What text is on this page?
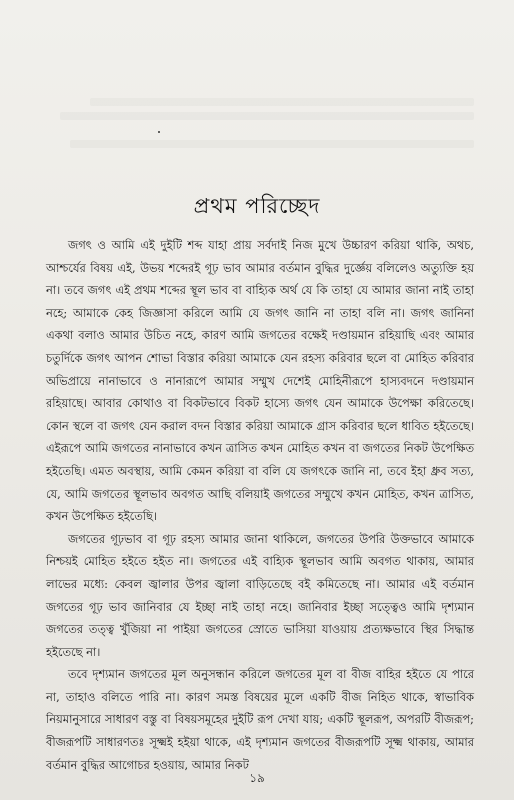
প্রথম পরিচ্ছেদ

জগৎ ও আমি এই দুইটি শব্দ যাহা প্রায় সর্বদাই নিজ মুখে উচ্চারণ করিয়া থাকি, অথচ, আশ্চর্যের বিষয় এই, উভয় শব্দেরই গূঢ় ভাব আমার বর্তমান বুদ্ধির দুর্জ্ঞেয় বলিলেও অত্যুক্তি হয় না। তবে জগৎ এই প্রথম শব্দের স্থূল ভাব বা বাহ্যিক অর্থ যে কি তাহা যে আমার জানা নাই তাহা নহে; আমাকে কেহ জিজ্ঞাসা করিলে আমি যে জগৎ জানি না তাহা বলি না। জগৎ জানিনা একথা বলাও আমার উচিত নহে, কারণ আমি জগতের বক্ষেই দণ্ডায়মান রহিয়াছি এবং আমার চতুর্দিকে জগৎ আপন শোভা বিস্তার করিয়া আমাকে যেন রহস্য করিবার ছলে বা মোহিত করিবার অভিপ্রায়ে নানাভাবে ও নানারূপে আমার সম্মুখ দেশেই মোহিনীরূপে হাস্যবদনে দণ্ডায়মান রহিয়াছে। আবার কোথাও বা বিকটভাবে বিকট হাস্যে জগৎ যেন আমাকে উপেক্ষা করিতেছে। কোন স্থলে বা জগৎ যেন করাল বদন বিস্তার করিয়া আমাকে গ্রাস করিবার ছলে ধাবিত হইতেছে। এইরূপে আমি জগতের নানাভাবে কখন ত্রাসিত কখন মোহিত কখন বা জগতের নিকট উপেক্ষিত হইতেছি। এমত অবস্থায়, আমি কেমন করিয়া বা বলি যে জগৎকে জানি না, তবে ইহা ধ্রুব সত্য, যে, আমি জগতের স্থূলভাব অবগত আছি বলিয়াই জগতের সম্মুখে কখন মোহিত, কখন ত্রাসিত, কখন উপেক্ষিত হইতেছি।

জগতের গূঢ়ভাব বা গূঢ় রহস্য আমার জানা থাকিলে, জগতের উপরি উক্তভাবে আমাকে নিশ্চয়ই মোহিত হইতে হইত না। জগতের এই বাহ্যিক স্থূলভাব আমি অবগত থাকায়, আমার লাভের মধ্যে: কেবল জ্বালার উপর জ্বালা বাড়িতেছে বই কমিতেছে না। আমার এই বর্তমান জগতের গূঢ় ভাব জানিবার যে ইচ্ছা নাই তাহা নহে। জানিবার ইচ্ছা সত্ত্বেও আমি দৃশ্যমান জগতের তত্ত্ব খুঁজিয়া না পাইয়া জগতের স্রোতে ভাসিয়া যাওয়ায় প্রত্যক্ষভাবে স্থির সিদ্ধান্ত হইতেছে না।

তবে দৃশ্যমান জগতের মূল অনুসন্ধান করিলে জগতের মূল বা বীজ বাহির হইতে যে পারে না, তাহাও বলিতে পারি না। কারণ সমস্ত বিষয়ের মূলে একটি বীজ নিহিত থাকে, স্বাভাবিক নিয়মানুসারে সাধারণ বস্তু বা বিষয়সমূহের দুইটি রূপ দেখা যায়; একটি স্থূলরূপ, অপরটি বীজরূপ; বীজরূপটি সাধারণতঃ সূক্ষ্মই হইয়া থাকে, এই দৃশ্যমান জগতের বীজরূপটি সূক্ষ্ম থাকায়, আমার বর্তমান বুদ্ধির আগোচর হওয়ায়, আমার নিকট

১৯
